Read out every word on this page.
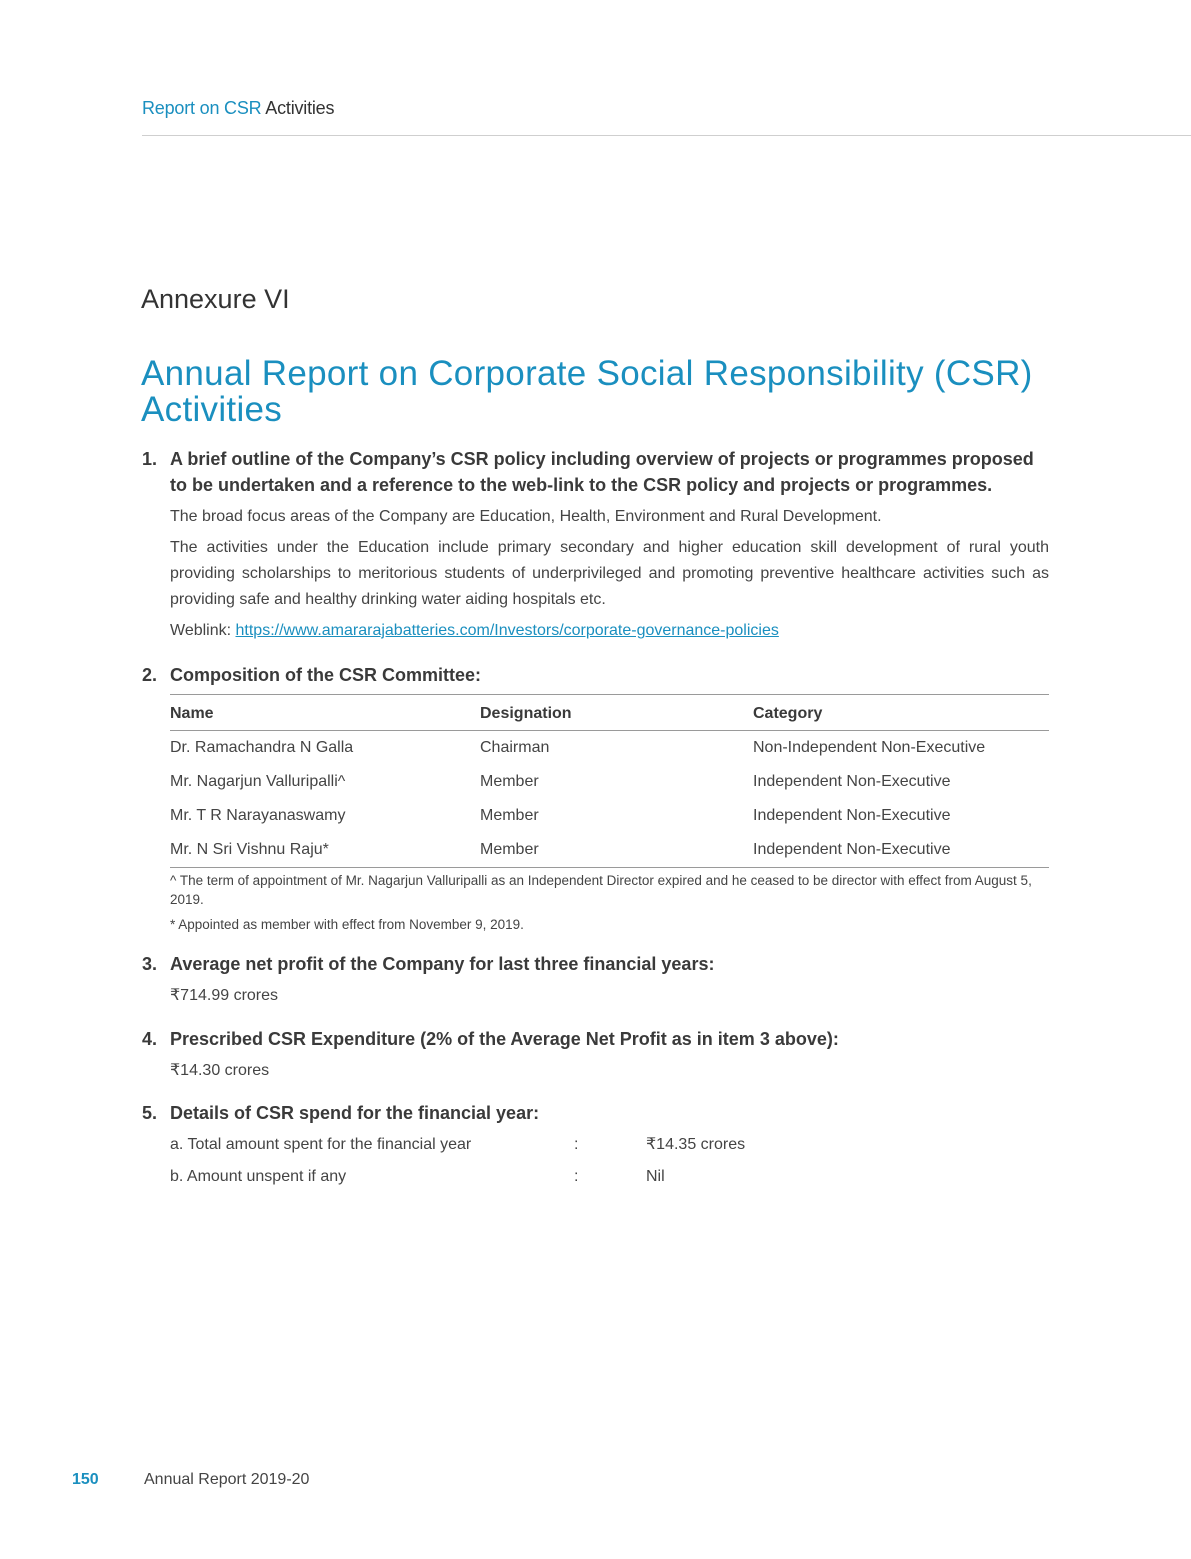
Report on CSR Activities
Annexure VI
Annual Report on Corporate Social Responsibility (CSR)
Activities
1. A brief outline of the Company’s CSR policy including overview of projects or programmes proposed to be undertaken and a reference to the web-link to the CSR policy and projects or programmes.
The broad focus areas of the Company are Education, Health, Environment and Rural Development.
The activities under the Education include primary secondary and higher education skill development of rural youth providing scholarships to meritorious students of underprivileged and promoting preventive healthcare activities such as providing safe and healthy drinking water aiding hospitals etc.
Weblink: https://www.amararajabatteries.com/Investors/corporate-governance-policies
2. Composition of the CSR Committee:
Name	Designation	Category
Dr. Ramachandra N Galla	Chairman	Non-Independent Non-Executive
Mr. Nagarjun Valluripalli^	Member	Independent Non-Executive
Mr. T R Narayanaswamy	Member	Independent Non-Executive
Mr. N Sri Vishnu Raju*	Member	Independent Non-Executive
^ The term of appointment of Mr. Nagarjun Valluripalli as an Independent Director expired and he ceased to be director with effect from August 5, 2019.
* Appointed as member with effect from November 9, 2019.
3. Average net profit of the Company for last three financial years:
₹714.99 crores
4. Prescribed CSR Expenditure (2% of the Average Net Profit as in item 3 above):
₹14.30 crores
5. Details of CSR spend for the financial year:
a. Total amount spent for the financial year	:	₹14.35 crores
b. Amount unspent if any	:	Nil
150	Annual Report 2019-20
